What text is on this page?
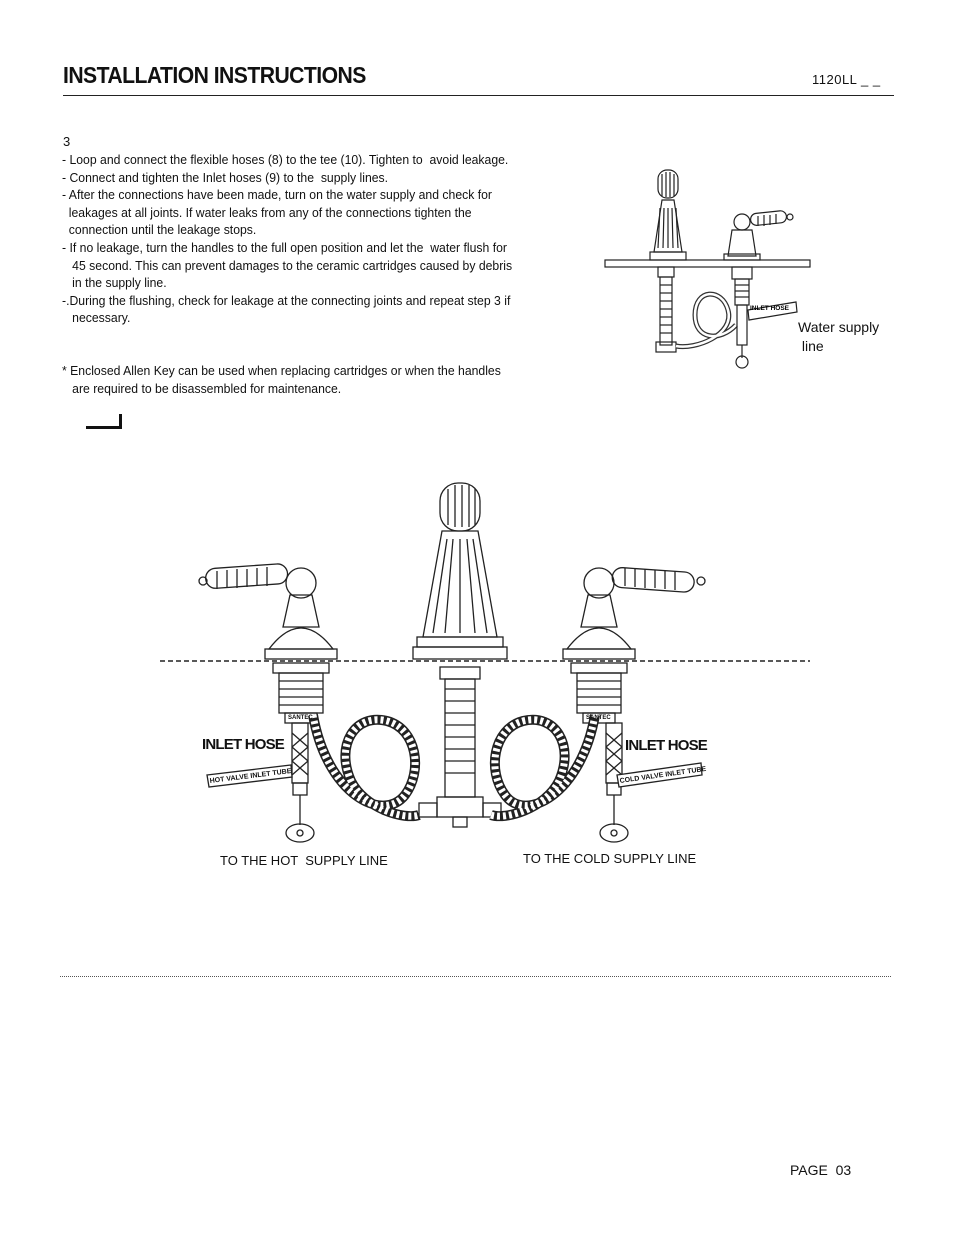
INSTALLATION INSTRUCTIONS	1120LL _ _
3

- Loop and connect the flexible hoses (8) to the tee (10). Tighten to  avoid leakage.

- Connect and tighten the Inlet hoses (9) to the  supply lines.

- After the connections have been made, turn on the water supply and check for

leakages at all joints. If water leaks from any of the connections tighten the

connection until the leakage stops.

- If no leakage, turn the handles to the full open position and let the  water flush for

45 second. This can prevent damages to the ceramic cartridges caused by debris

in the supply line.

-.During the flushing, check for leakage at the connecting joints and repeat step 3 if

necessary.

* Enclosed Allen Key can be used when replacing cartridges or when the handles

are required to be disassembled for maintenance.

INLET HOSE
Water supply
line
INLET HOSE	INLET HOSE
HOT VALVE INLET TUBE	COLD VALVE INLET TUBE
SANTEC	SANTEC
TO THE HOT  SUPPLY LINE	TO THE COLD SUPPLY LINE
PAGE  03
